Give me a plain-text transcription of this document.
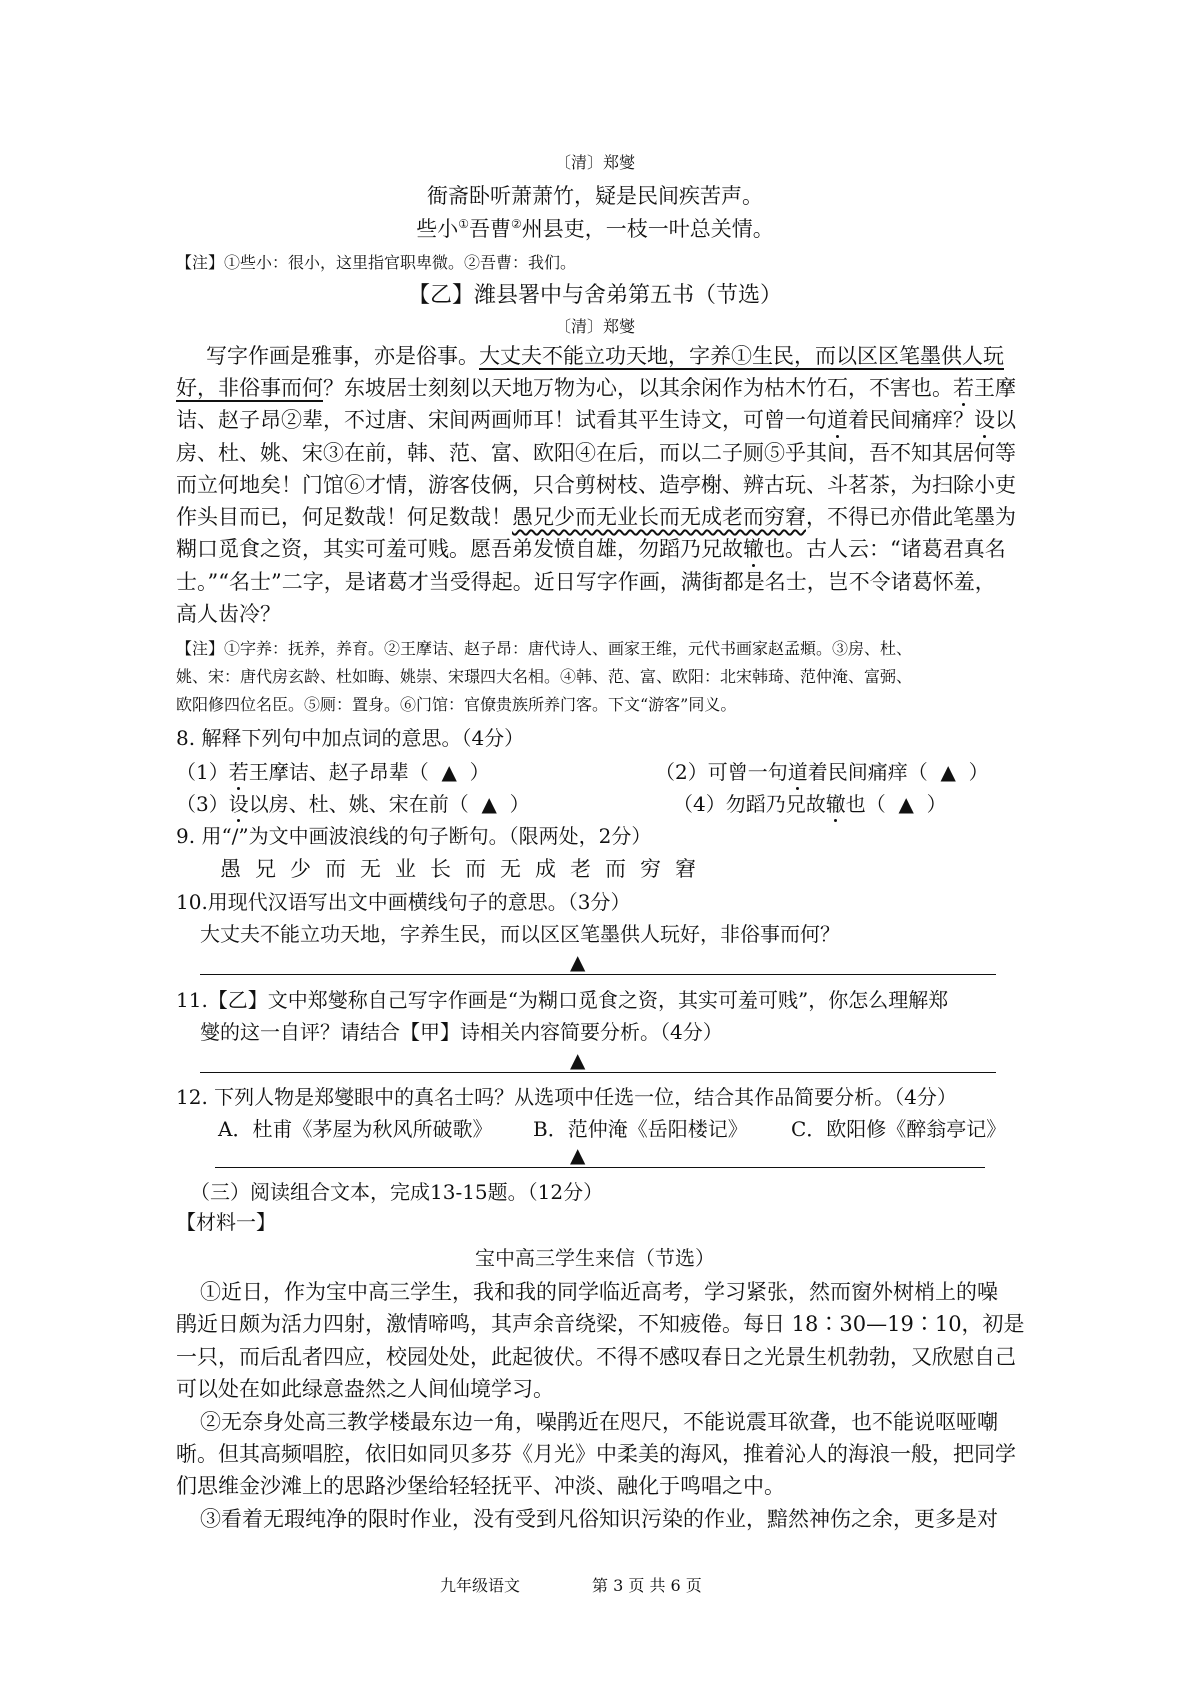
〔清〕郑燮
衙斋卧听萧萧竹，疑是民间疾苦声。
些小①吾曹②州县吏，一枝一叶总关情。
【注】①些小：很小，这里指官职卑微。②吾曹：我们。
【乙】潍县署中与舍弟第五书（节选）
〔清〕郑燮
写字作画是雅事，亦是俗事。大丈夫不能立功天地，字养①生民，而以区区笔墨供人玩
好，非俗事而何？东坡居士刻刻以天地万物为心，以其余闲作为枯木竹石，不害也。若王摩
诘、赵子昂②辈，不过唐、宋间两画师耳！试看其平生诗文，可曾一句道着民间痛痒？设以
房、杜、姚、宋③在前，韩、范、富、欧阳④在后，而以二子厕⑤乎其间，吾不知其居何等
而立何地矣！门馆⑥才情，游客伎俩，只合剪树枝、造亭榭、辨古玩、斗茗茶，为扫除小吏
作头目而已，何足数哉！何足数哉！愚兄少而无业长而无成老而穷窘，不得已亦借此笔墨为
糊口觅食之资，其实可羞可贱。愿吾弟发愤自雄，勿蹈乃兄故辙也。古人云：“诸葛君真名
士。”“名士”二字，是诸葛才当受得起。近日写字作画，满街都是名士，岂不令诸葛怀羞，
高人齿冷？
【注】①字养：抚养，养育。②王摩诘、赵子昂：唐代诗人、画家王维，元代书画家赵孟頫。③房、杜、
姚、宋：唐代房玄龄、杜如晦、姚崇、宋璟四大名相。④韩、范、富、欧阳：北宋韩琦、范仲淹、富弼、
欧阳修四位名臣。⑤厕：置身。⑥门馆：官僚贵族所养门客。下文“游客”同义。
8. 解释下列句中加点词的意思。（4分）
（1）若王摩诘、赵子昂辈（ ▲ ）	（2）可曾一句道着民间痛痒（ ▲ ）
（3）设以房、杜、姚、宋在前（ ▲ ）	（4）勿蹈乃兄故辙也（ ▲ ）
9. 用“/”为文中画波浪线的句子断句。（限两处，2分）
愚兄少而无业长而无成老而穷窘
10.用现代汉语写出文中画横线句子的意思。（3分）
大丈夫不能立功天地，字养生民，而以区区笔墨供人玩好，非俗事而何？
▲
11.【乙】文中郑燮称自己写字作画是“为糊口觅食之资，其实可羞可贱”，你怎么理解郑
燮的这一自评？请结合【甲】诗相关内容简要分析。（4分）
▲
12. 下列人物是郑燮眼中的真名士吗？从选项中任选一位，结合其作品简要分析。（4分）
A．杜甫《茅屋为秋风所破歌》 B．范仲淹《岳阳楼记》 C．欧阳修《醉翁亭记》
▲
（三）阅读组合文本，完成13-15题。（12分）
【材料一】
宝中高三学生来信（节选）
①近日，作为宝中高三学生，我和我的同学临近高考，学习紧张，然而窗外树梢上的噪
鹃近日颇为活力四射，激情啼鸣，其声余音绕梁，不知疲倦。每日 18∶30—19∶10，初是
一只，而后乱者四应，校园处处，此起彼伏。不得不感叹春日之光景生机勃勃，又欣慰自己
可以处在如此绿意盎然之人间仙境学习。
②无奈身处高三教学楼最东边一角，噪鹃近在咫尺，不能说震耳欲聋，也不能说呕哑嘲
哳。但其高频唱腔，依旧如同贝多芬《月光》中柔美的海风，推着沁人的海浪一般，把同学
们思维金沙滩上的思路沙堡给轻轻抚平、冲淡、融化于鸣唱之中。
③看着无瑕纯净的限时作业，没有受到凡俗知识污染的作业，黯然神伤之余，更多是对
九年级语文	第 3 页 共 6 页
